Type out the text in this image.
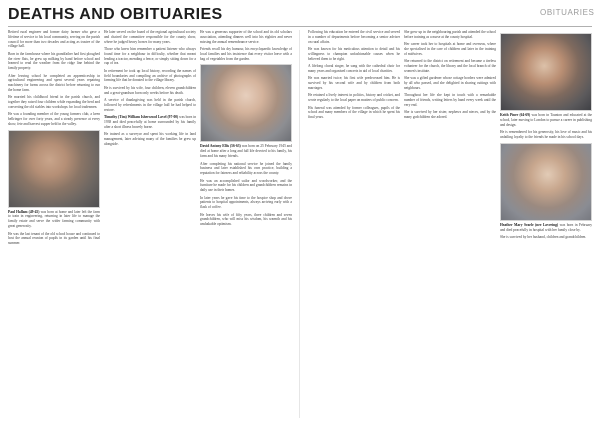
DEATHS AND OBITUARIES	OBITUARIES

Retired rural engineer and former dairy farmer who gave a lifetime of service to his local community, serving on the parish council for more than two decades and acting as trustee of the village hall.

Born in the farmhouse where his grandfather had first ploughed the river flats, he grew up milking by hand before school and learned to read the weather from the ridge line behind the family property.

After leaving school he completed an apprenticeship in agricultural engineering and spent several years repairing machinery for farms across the district before returning to run the home farm.

He married his childhood friend in the parish church, and together they raised four children while expanding the herd and converting the old stables into workshops for local tradesmen.

He was a founding member of the young farmers club, a keen bellringer for over forty years, and a steady presence at every show, fete and harvest supper held in the valley.

Paul Hallam (49-45) was born at home and later left the farm to train in engineering, returning in later life to manage the family estate and serve the wider farming community with great generosity.

He was the last tenant of the old school house and continued to host the annual reunion of pupils in its garden until his final summer.

He later served on the board of the regional agricultural society and chaired the committee responsible for the county show, where he judged heavy horses for many years.

Those who knew him remember a patient listener who always found time for a neighbour in difficulty, whether that meant lending a tractor, mending a fence, or simply sitting down for a cup of tea.

In retirement he took up local history, recording the names of field boundaries and compiling an archive of photographs of farming life that he donated to the village library.

He is survived by his wife, four children, eleven grandchildren and a great-grandson born only weeks before his death.

A service of thanksgiving was held in the parish church, followed by refreshments in the village hall he had helped to restore.

Timothy (Tim) William Isherwood Lovel (97-00) was born in 1938 and died peacefully at home surrounded by his family after a short illness bravely borne.

He trained as a surveyor and spent his working life in land management, later advising many of the families he grew up alongside.

He was a generous supporter of the school and its old scholars association, attending dinners well into his eighties and never missing the annual remembrance service.

Friends recall his dry humour, his encyclopaedic knowledge of local families and his insistence that every visitor leave with a bag of vegetables from the garden.

David Antony Ellis (56-63) was born on 25 February 1945 and died at home after a long and full life devoted to his family, his farm and his many friends.

After completing his national service he joined the family business and later established his own practice, building a reputation for fairness and reliability across the county.

He was an accomplished sailor and woodworker, and the furniture he made for his children and grandchildren remains in daily use in their homes.

In later years he gave his time to the hospice shop and drove patients to hospital appointments, always arriving early with a flask of coffee.

He leaves his wife of fifty years, three children and seven grandchildren, who will miss his wisdom, his warmth and his unshakable optimism.

Following his education he entered the civil service and served in a number of departments before becoming a senior adviser on rural affairs.

He was known for his meticulous attention to detail and his willingness to champion unfashionable causes when he believed them to be right.

A lifelong choral singer, he sang with the cathedral choir for many years and organised concerts in aid of local charities.

He was married twice; his first wife predeceased him. He is survived by his second wife and by children from both marriages.

He retained a lively interest in politics, history and cricket, and wrote regularly to the local paper on matters of public concern.

His funeral was attended by former colleagues, pupils of the school and many members of the village in which he spent his final years.

She grew up in the neighbouring parish and attended the school before training as a nurse at the county hospital.

Her career took her to hospitals at home and overseas, where she specialised in the care of children and later in the training of midwives.

She returned to the district on retirement and became a tireless volunteer for the church, the library and the local branch of the women's institute.

She was a gifted gardener whose cottage borders were admired by all who passed, and she delighted in sharing cuttings with neighbours.

Throughout her life she kept in touch with a remarkable number of friends, writing letters by hand every week until the very end.

She is survived by her sister, nephews and nieces, and by the many godchildren she adored.

Keith Piner (64-69) was born in Taunton and educated at the school, later moving to London to pursue a career in publishing and design.

He is remembered for his generosity, his love of music and his unfailing loyalty to the friends he made in his school days.

Heather Mary Searle (nee Lovering) was born in February and died peacefully in hospital with her family close by.

She is survived by her husband, children and grandchildren.
